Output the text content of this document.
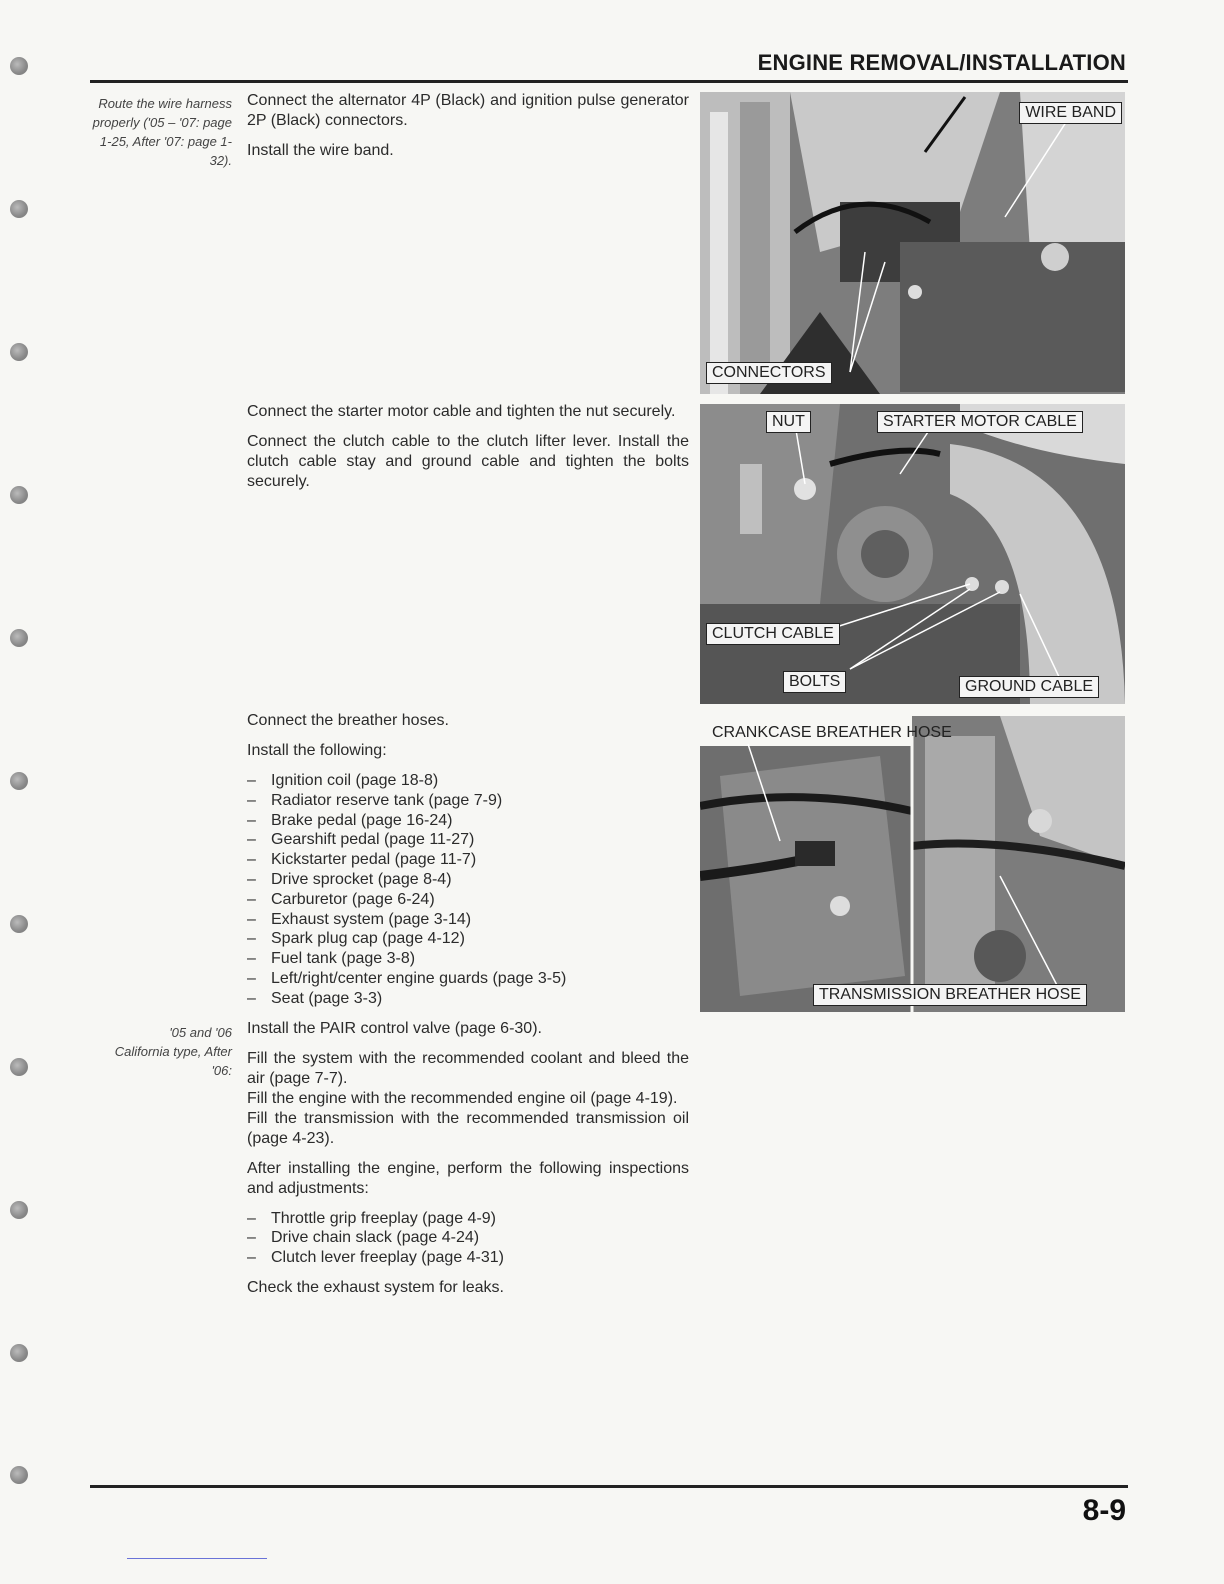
ENGINE REMOVAL/INSTALLATION
Route the wire harness properly ('05 – '07: page 1-25, After '07: page 1-32).
'05 and '06 California type, After '06:

Connect the alternator 4P (Black) and ignition pulse generator 2P (Black) connectors.

Install the wire band.

Connect the starter motor cable and tighten the nut securely.

Connect the clutch cable to the clutch lifter lever. Install the clutch cable stay and ground cable and tighten the bolts securely.

Connect the breather hoses.

Install the following:

– Ignition coil (page 18-8)
– Radiator reserve tank (page 7-9)
– Brake pedal (page 16-24)
– Gearshift pedal (page 11-27)
– Kickstarter pedal (page 11-7)
– Drive sprocket (page 8-4)
– Carburetor (page 6-24)
– Exhaust system (page 3-14)
– Spark plug cap (page 4-12)
– Fuel tank (page 3-8)
– Left/right/center engine guards (page 3-5)
– Seat (page 3-3)

Install the PAIR control valve (page 6-30).

Fill the system with the recommended coolant and bleed the air (page 7-7).

Fill the engine with the recommended engine oil (page 4-19).

Fill the transmission with the recommended transmission oil (page 4-23).

After installing the engine, perform the following inspections and adjustments:

– Throttle grip freeplay (page 4-9)
– Drive chain slack (page 4-24)
– Clutch lever freeplay (page 4-31)

Check the exhaust system for leaks.

WIRE BAND
CONNECTORS
NUT	STARTER MOTOR CABLE
CLUTCH CABLE
BOLTS	GROUND CABLE
CRANKCASE BREATHER HOSE
TRANSMISSION BREATHER HOSE
8-9
